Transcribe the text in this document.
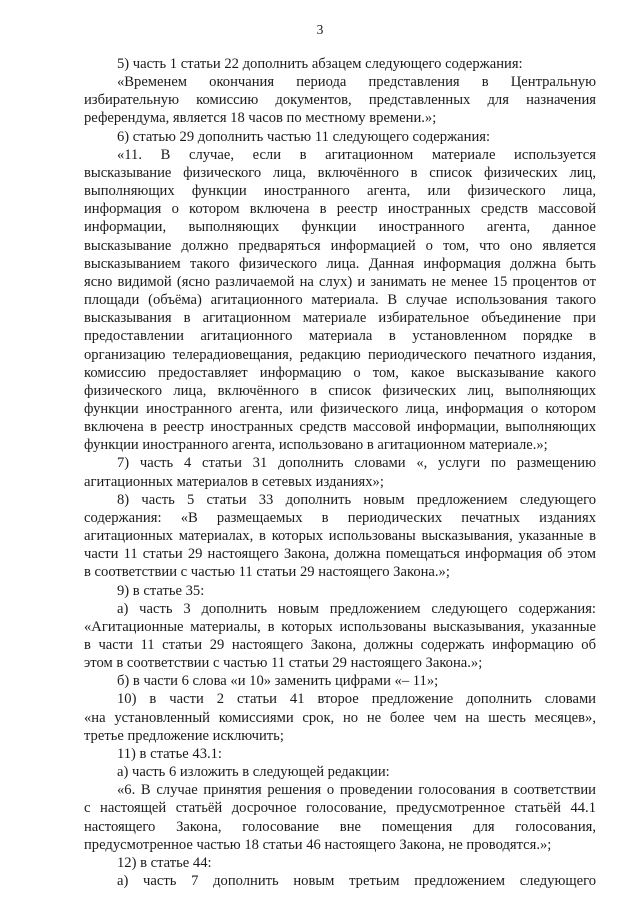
3

5) часть 1 статьи 22 дополнить абзацем следующего содержания:

«Временем окончания периода представления в Центральную
избирательную комиссию документов, представленных для назначения
референдума, является 18 часов по местному времени.»;

6) статью 29 дополнить частью 11 следующего содержания:

«11. В случае, если в агитационном материале используется
высказывание физического лица, включённого в список физических лиц,
выполняющих функции иностранного агента, или физического лица,
информация о котором включена в реестр иностранных средств массовой
информации, выполняющих функции иностранного агента, данное
высказывание должно предваряться информацией о том, что оно является
высказыванием такого физического лица. Данная информация должна быть
ясно видимой (ясно различаемой на слух) и занимать не менее 15 процентов от
площади (объёма) агитационного материала. В случае использования такого
высказывания в агитационном материале избирательное объединение при
предоставлении агитационного материала в установленном порядке в
организацию телерадиовещания, редакцию периодического печатного издания,
комиссию предоставляет информацию о том, какое высказывание какого
физического лица, включённого в список физических лиц, выполняющих
функции иностранного агента, или физического лица, информация о котором
включена в реестр иностранных средств массовой информации, выполняющих
функции иностранного агента, использовано в агитационном материале.»;

7) часть 4 статьи 31 дополнить словами «, услуги по размещению
агитационных материалов в сетевых изданиях»;

8) часть 5 статьи 33 дополнить новым предложением следующего
содержания: «В размещаемых в периодических печатных изданиях
агитационных материалах, в которых использованы высказывания, указанные в
части 11 статьи 29 настоящего Закона, должна помещаться информация об этом
в соответствии с частью 11 статьи 29 настоящего Закона.»;

9) в статье 35:

а) часть 3 дополнить новым предложением следующего содержания:
«Агитационные материалы, в которых использованы высказывания, указанные
в части 11 статьи 29 настоящего Закона, должны содержать информацию об
этом в соответствии с частью 11 статьи 29 настоящего Закона.»;

б) в части 6 слова «и 10» заменить цифрами «– 11»;

10) в части 2 статьи 41 второе предложение дополнить словами
«на установленный комиссиями срок, но не более чем на шесть месяцев»,
третье предложение исключить;

11) в статье 43.1:

а) часть 6 изложить в следующей редакции:

«6. В случае принятия решения о проведении голосования в соответствии
с настоящей статьёй досрочное голосование, предусмотренное статьёй 44.1
настоящего Закона, голосование вне помещения для голосования,
предусмотренное частью 18 статьи 46 настоящего Закона, не проводятся.»;

12) в статье 44:

а) часть 7 дополнить новым третьим предложением следующего
